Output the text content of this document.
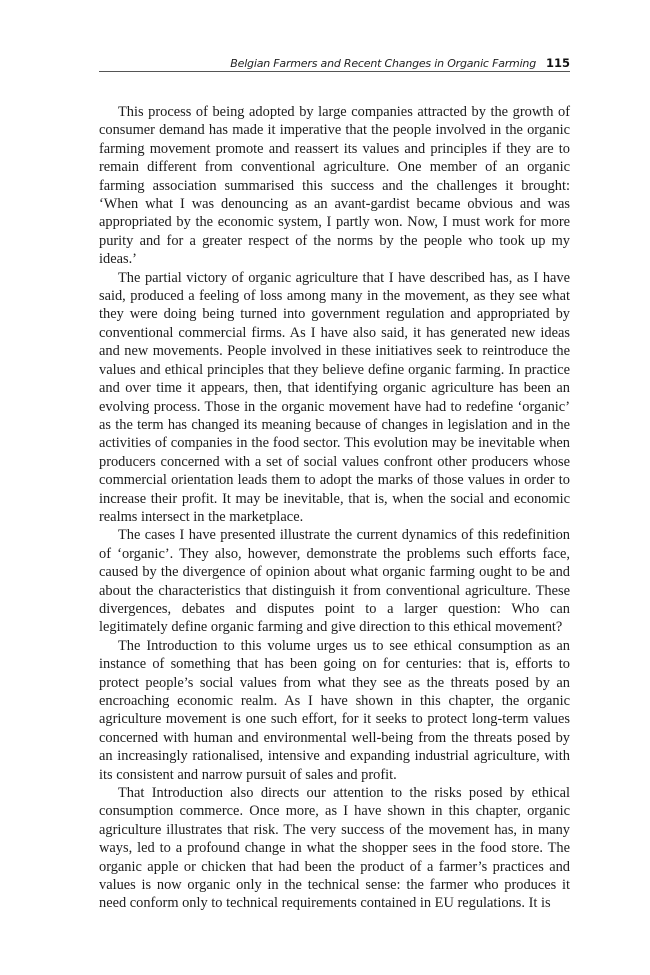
Belgian Farmers and Recent Changes in Organic Farming 115

This process of being adopted by large companies attracted by the growth of consumer demand has made it imperative that the people involved in the organic farming movement promote and reassert its values and principles if they are to remain different from conventional agriculture. One member of an organic farming association summarised this success and the challenges it brought: ‘When what I was denouncing as an avant-gardist became obvious and was appropriated by the economic system, I partly won. Now, I must work for more purity and for a greater respect of the norms by the people who took up my ideas.’

The partial victory of organic agriculture that I have described has, as I have said, produced a feeling of loss among many in the movement, as they see what they were doing being turned into government regulation and appropriated by conventional commercial firms. As I have also said, it has generated new ideas and new movements. People involved in these initiatives seek to reintroduce the values and ethical principles that they believe define organic farming. In practice and over time it appears, then, that identifying organic agriculture has been an evolving process. Those in the organic movement have had to redefine ‘organic’ as the term has changed its meaning because of changes in legislation and in the activities of companies in the food sector. This evolution may be inevitable when producers concerned with a set of social values confront other producers whose commercial orientation leads them to adopt the marks of those values in order to increase their profit. It may be inevitable, that is, when the social and economic realms intersect in the marketplace.

The cases I have presented illustrate the current dynamics of this redefinition of ‘organic’. They also, however, demonstrate the problems such efforts face, caused by the divergence of opinion about what organic farming ought to be and about the characteristics that distinguish it from conventional agriculture. These divergences, debates and disputes point to a larger question: Who can legitimately define organic farming and give direction to this ethical movement?

The Introduction to this volume urges us to see ethical consumption as an instance of something that has been going on for centuries: that is, efforts to protect people’s social values from what they see as the threats posed by an encroaching economic realm. As I have shown in this chapter, the organic agriculture movement is one such effort, for it seeks to protect long-term values concerned with human and environmental well-being from the threats posed by an increasingly rationalised, intensive and expanding industrial agriculture, with its consistent and narrow pursuit of sales and profit.

That Introduction also directs our attention to the risks posed by ethical consumption commerce. Once more, as I have shown in this chapter, organic agriculture illustrates that risk. The very success of the movement has, in many ways, led to a profound change in what the shopper sees in the food store. The organic apple or chicken that had been the product of a farmer’s practices and values is now organic only in the technical sense: the farmer who produces it need conform only to technical requirements contained in EU regulations. It is
